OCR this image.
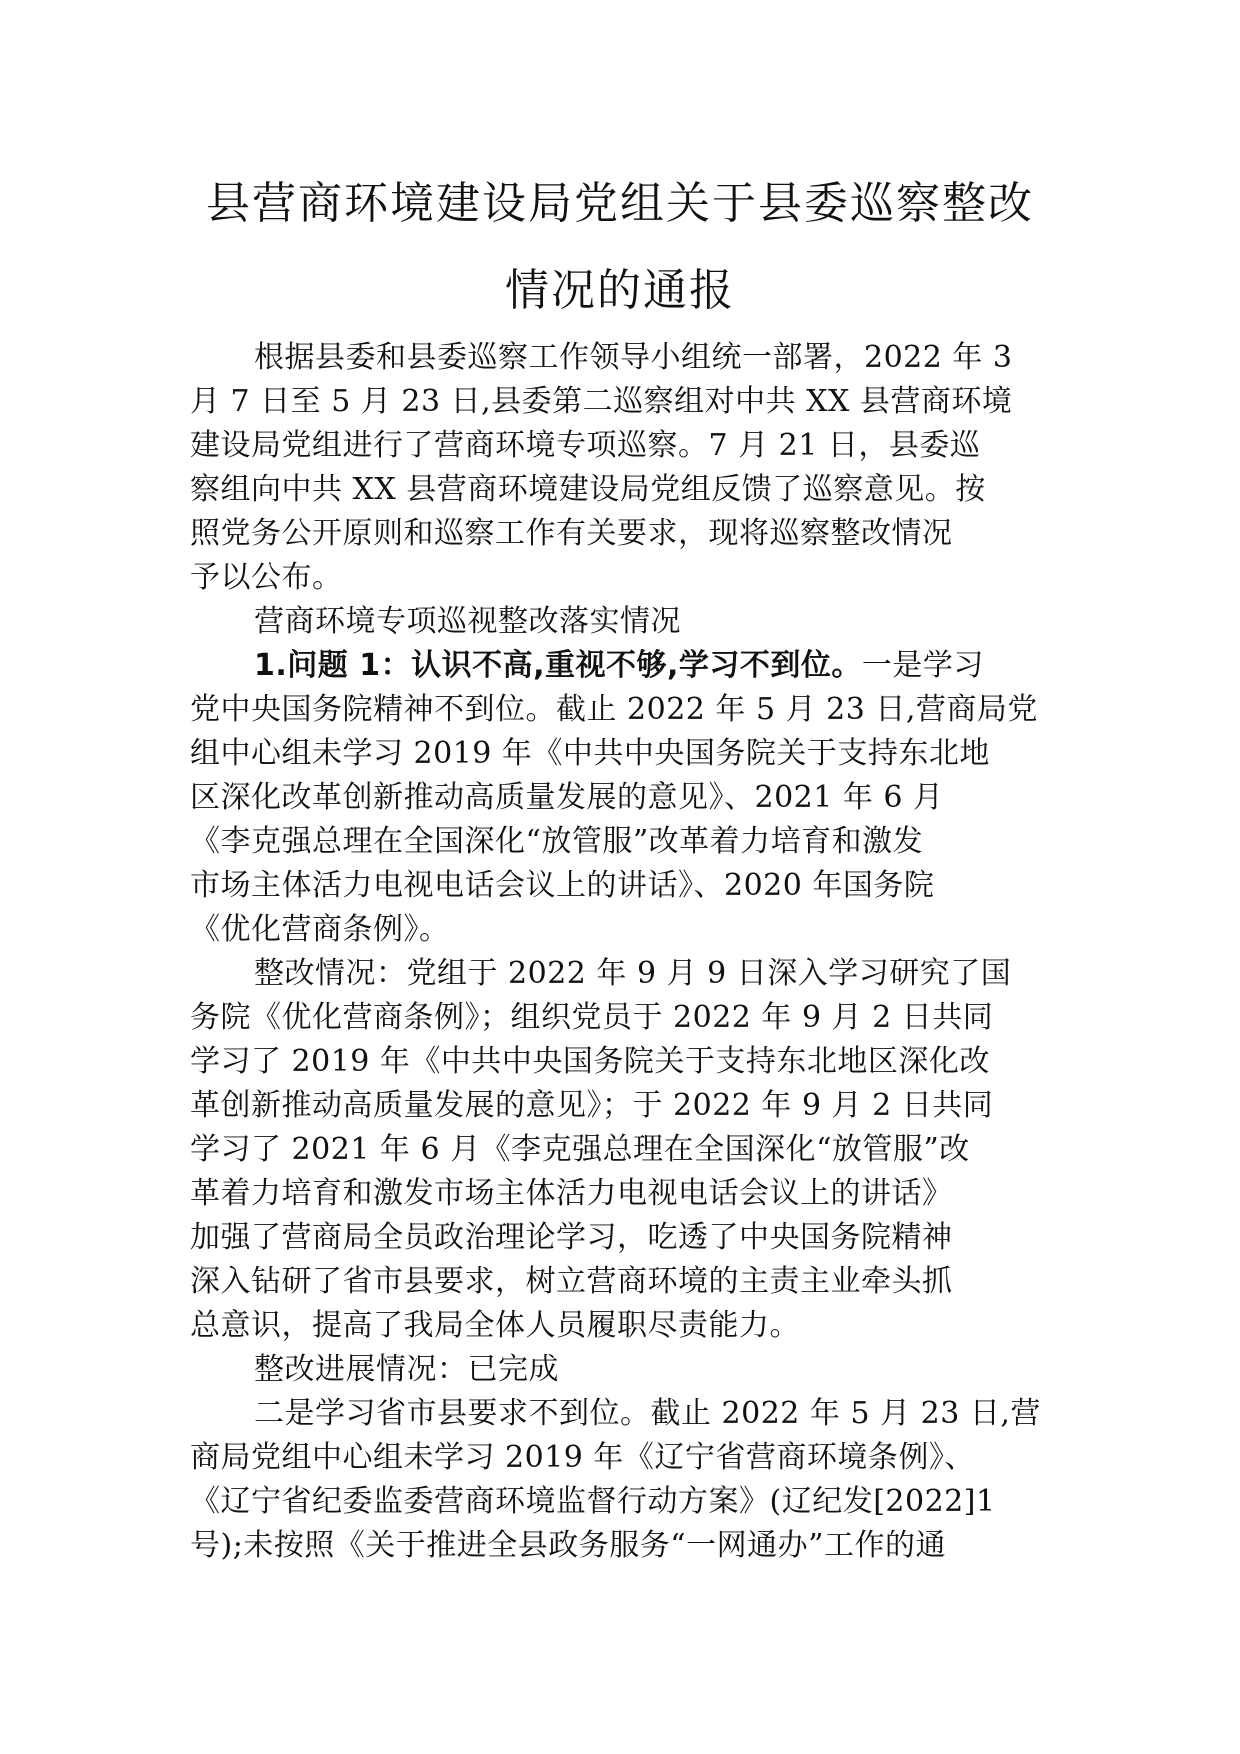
县营商环境建设局党组关于县委巡察整改
情况的通报
根据县委和县委巡察工作领导小组统一部署，2022 年 3
月 7 日至 5 月 23 日,县委第二巡察组对中共 XX 县营商环境
建设局党组进行了营商环境专项巡察。7 月 21 日，县委巡
察组向中共 XX 县营商环境建设局党组反馈了巡察意见。按
照党务公开原则和巡察工作有关要求，现将巡察整改情况
予以公布。
营商环境专项巡视整改落实情况
1.问题 1：认识不高,重视不够,学习不到位。一是学习
党中央国务院精神不到位。截止 2022 年 5 月 23 日,营商局党
组中心组未学习 2019 年《中共中央国务院关于支持东北地
区深化改革创新推动高质量发展的意见》、2021 年 6 月
《李克强总理在全国深化“放管服”改革着力培育和激发
市场主体活力电视电话会议上的讲话》、2020 年国务院
《优化营商条例》。
整改情况：党组于 2022 年 9 月 9 日深入学习研究了国
务院《优化营商条例》；组织党员于 2022 年 9 月 2 日共同
学习了 2019 年《中共中央国务院关于支持东北地区深化改
革创新推动高质量发展的意见》；于 2022 年 9 月 2 日共同
学习了 2021 年 6 月《李克强总理在全国深化“放管服”改
革着力培育和激发市场主体活力电视电话会议上的讲话》
加强了营商局全员政治理论学习，吃透了中央国务院精神
深入钻研了省市县要求，树立营商环境的主责主业牵头抓
总意识，提高了我局全体人员履职尽责能力。
整改进展情况：已完成
二是学习省市县要求不到位。截止 2022 年 5 月 23 日,营
商局党组中心组未学习 2019 年《辽宁省营商环境条例》、
《辽宁省纪委监委营商环境监督行动方案》(辽纪发[2022]1
号);未按照《关于推进全县政务服务“一网通办”工作的通
